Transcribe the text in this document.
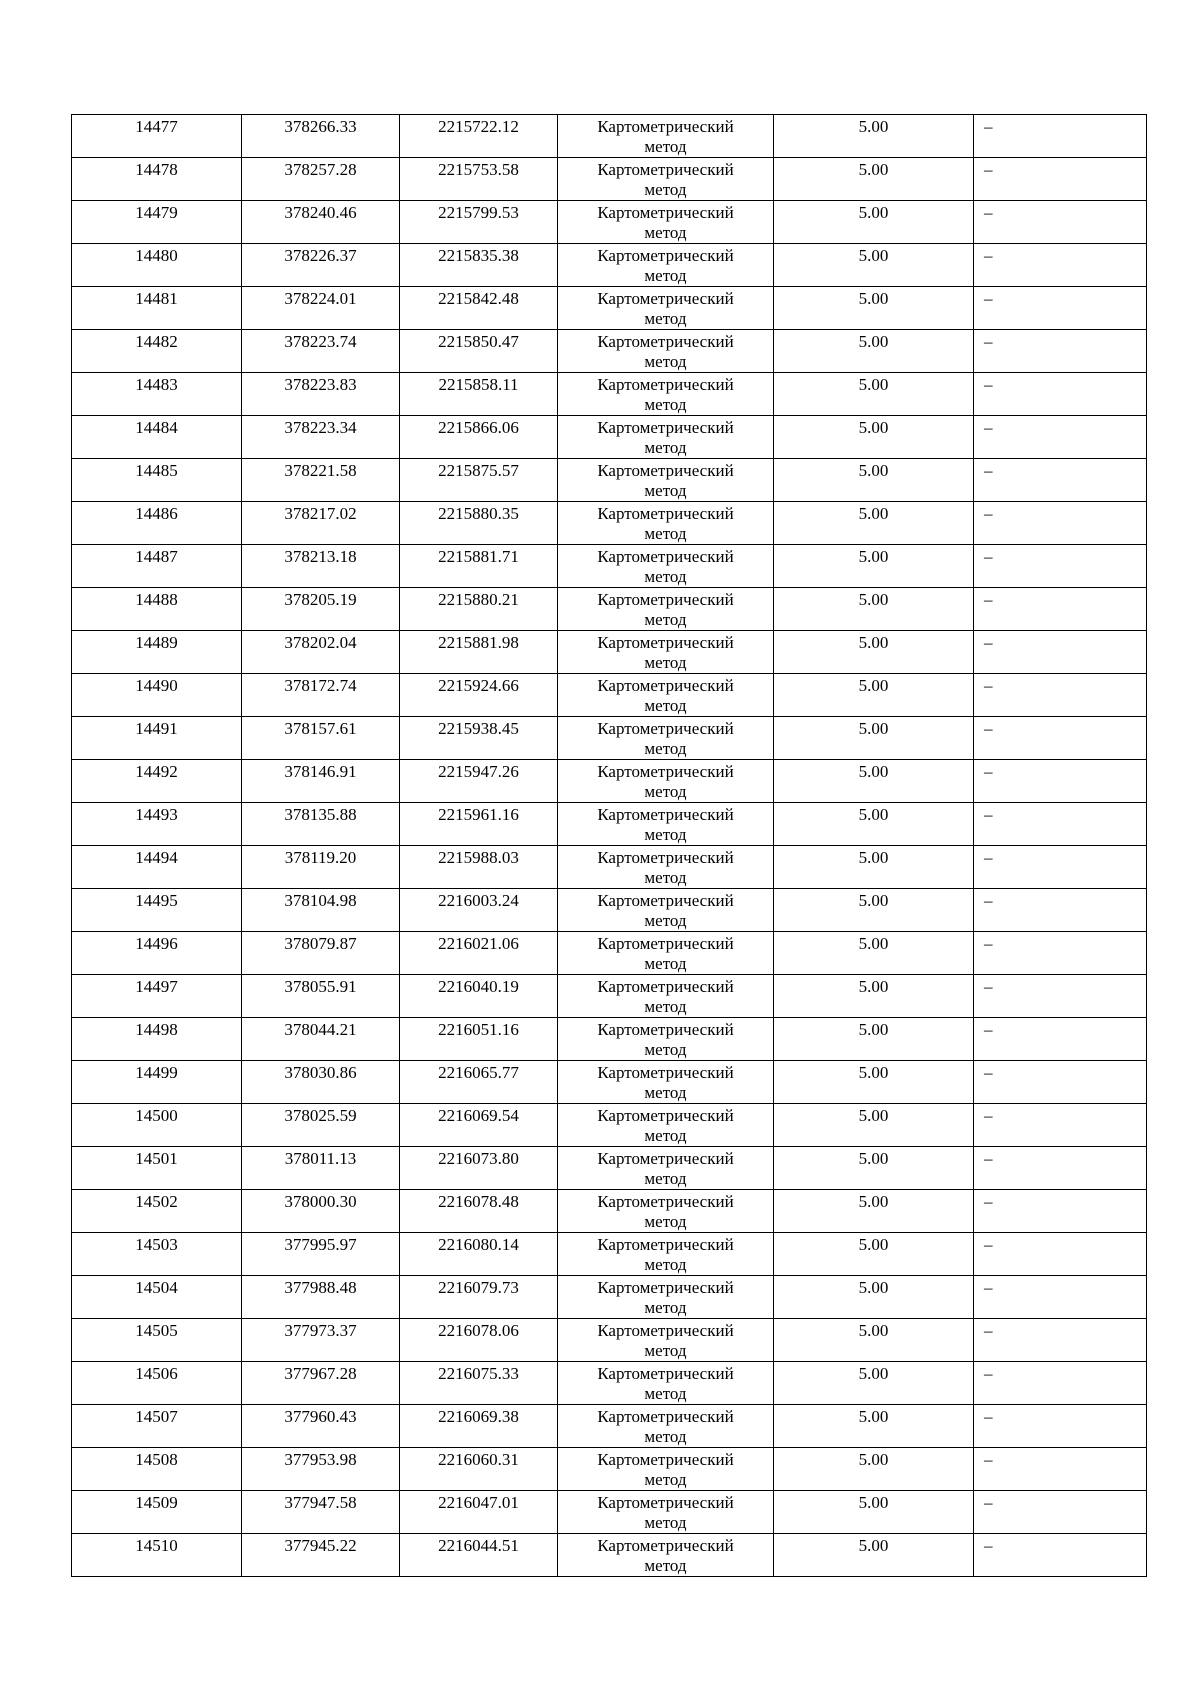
14477	378266.33	2215722.12	Картометрический метод	5.00	–

14478	378257.28	2215753.58	Картометрический метод	5.00	–

14479	378240.46	2215799.53	Картометрический метод	5.00	–

14480	378226.37	2215835.38	Картометрический метод	5.00	–

14481	378224.01	2215842.48	Картометрический метод	5.00	–

14482	378223.74	2215850.47	Картометрический метод	5.00	–

14483	378223.83	2215858.11	Картометрический метод	5.00	–

14484	378223.34	2215866.06	Картометрический метод	5.00	–

14485	378221.58	2215875.57	Картометрический метод	5.00	–

14486	378217.02	2215880.35	Картометрический метод	5.00	–

14487	378213.18	2215881.71	Картометрический метод	5.00	–

14488	378205.19	2215880.21	Картометрический метод	5.00	–

14489	378202.04	2215881.98	Картометрический метод	5.00	–

14490	378172.74	2215924.66	Картометрический метод	5.00	–

14491	378157.61	2215938.45	Картометрический метод	5.00	–

14492	378146.91	2215947.26	Картометрический метод	5.00	–

14493	378135.88	2215961.16	Картометрический метод	5.00	–

14494	378119.20	2215988.03	Картометрический метод	5.00	–

14495	378104.98	2216003.24	Картометрический метод	5.00	–

14496	378079.87	2216021.06	Картометрический метод	5.00	–

14497	378055.91	2216040.19	Картометрический метод	5.00	–

14498	378044.21	2216051.16	Картометрический метод	5.00	–

14499	378030.86	2216065.77	Картометрический метод	5.00	–

14500	378025.59	2216069.54	Картометрический метод	5.00	–

14501	378011.13	2216073.80	Картометрический метод	5.00	–

14502	378000.30	2216078.48	Картометрический метод	5.00	–

14503	377995.97	2216080.14	Картометрический метод	5.00	–

14504	377988.48	2216079.73	Картометрический метод	5.00	–

14505	377973.37	2216078.06	Картометрический метод	5.00	–

14506	377967.28	2216075.33	Картометрический метод	5.00	–

14507	377960.43	2216069.38	Картометрический метод	5.00	–

14508	377953.98	2216060.31	Картометрический метод	5.00	–

14509	377947.58	2216047.01	Картометрический метод	5.00	–

14510	377945.22	2216044.51	Картометрический метод	5.00	–
